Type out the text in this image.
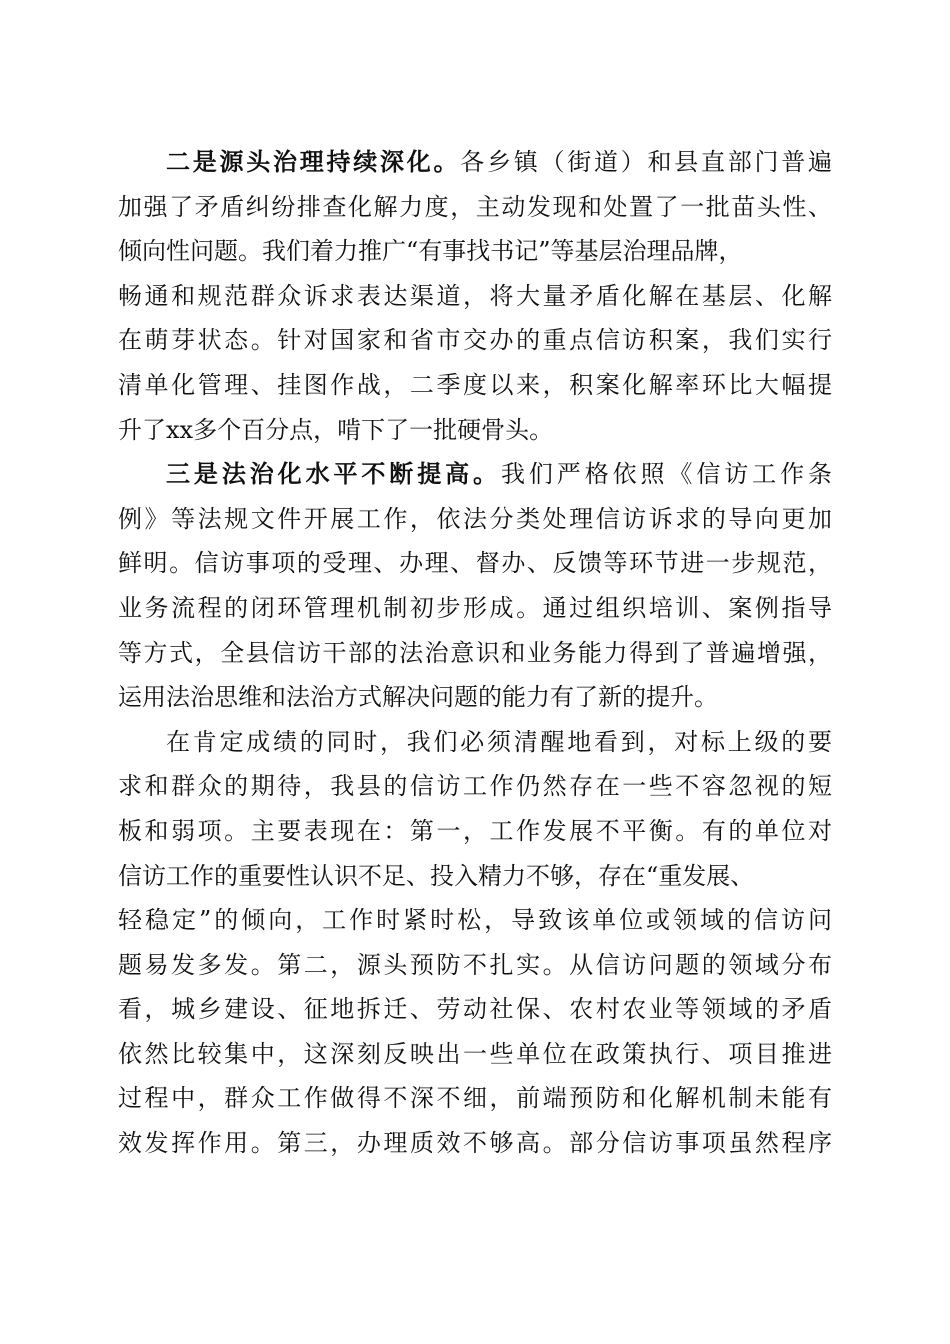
二是源头治理持续深化。各乡镇（街道）和县直部门普遍
加强了矛盾纠纷排查化解力度，主动发现和处置了一批苗头性、
倾向性问题。我们着力推广“有事找书记”等基层治理品牌，
畅通和规范群众诉求表达渠道，将大量矛盾化解在基层、化解
在萌芽状态。针对国家和省市交办的重点信访积案，我们实行
清单化管理、挂图作战，二季度以来，积案化解率环比大幅提
升了xx多个百分点，啃下了一批硬骨头。
三是法治化水平不断提高。我们严格依照《信访工作条
例》等法规文件开展工作，依法分类处理信访诉求的导向更加
鲜明。信访事项的受理、办理、督办、反馈等环节进一步规范，
业务流程的闭环管理机制初步形成。通过组织培训、案例指导
等方式，全县信访干部的法治意识和业务能力得到了普遍增强，
运用法治思维和法治方式解决问题的能力有了新的提升。
在肯定成绩的同时，我们必须清醒地看到，对标上级的要
求和群众的期待，我县的信访工作仍然存在一些不容忽视的短
板和弱项。主要表现在：第一，工作发展不平衡。有的单位对
信访工作的重要性认识不足、投入精力不够，存在“重发展、
轻稳定”的倾向，工作时紧时松，导致该单位或领域的信访问
题易发多发。第二，源头预防不扎实。从信访问题的领域分布
看，城乡建设、征地拆迁、劳动社保、农村农业等领域的矛盾
依然比较集中，这深刻反映出一些单位在政策执行、项目推进
过程中，群众工作做得不深不细，前端预防和化解机制未能有
效发挥作用。第三，办理质效不够高。部分信访事项虽然程序
